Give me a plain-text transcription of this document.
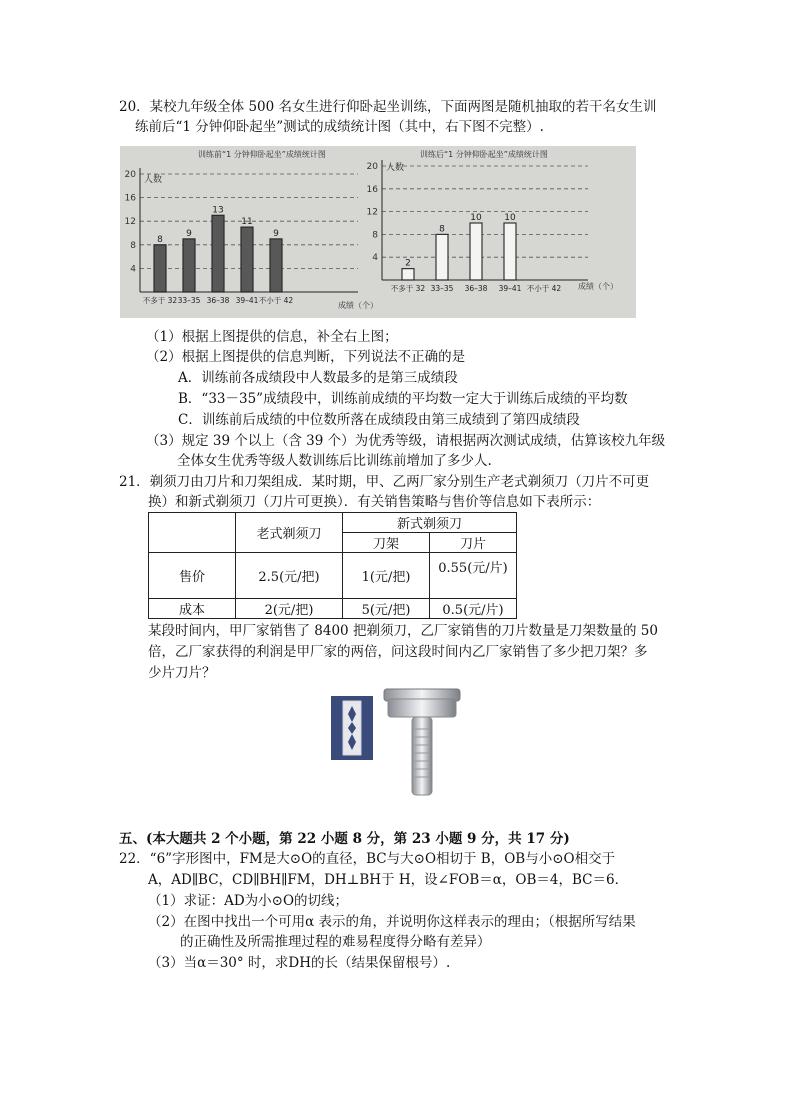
20．某校九年级全体 500 名女生进行仰卧起坐训练，下面两图是随机抽取的若干名女生训
练前后“1 分钟仰卧起坐”测试的成绩统计图（其中，右下图不完整）.
训练前“1 分钟仰卧起坐”成绩统计图
人数
4
8
12
16
20
8
9
13
11
9
不多于 32 33–35 36–38 39–41 不小于 42
成绩（个）
训练后“1 分钟仰卧起坐”成绩统计图
人数
4
8
12
16
20
2
8
10	10
不多于 32 33–35 36–38 39–41 不小于 42 成绩（个）
（1）根据上图提供的信息，补全右上图；
（2）根据上图提供的信息判断，下列说法不正确的是
A．训练前各成绩段中人数最多的是第三成绩段
B．“33－35”成绩段中，训练前成绩的平均数一定大于训练后成绩的平均数
C．训练前后成绩的中位数所落在成绩段由第三成绩到了第四成绩段
（3）规定 39 个以上（含 39 个）为优秀等级，请根据两次测试成绩，估算该校九年级
全体女生优秀等级人数训练后比训练前增加了多少人.
21．剃须刀由刀片和刀架组成．某时期，甲、乙两厂家分别生产老式剃须刀（刀片不可更
换）和新式剃须刀（刀片可更换）．有关销售策略与售价等信息如下表所示：
	老式剃须刀	新式剃须刀	
		刀架	刀片
售价	2.5(元/把)	1(元/把)	0.55(元/片)
成本	2(元/把)	5(元/把)	0.5(元/片)
某段时间内，甲厂家销售了 8400 把剃须刀，乙厂家销售的刀片数量是刀架数量的 50
倍，乙厂家获得的利润是甲厂家的两倍，问这段时间内乙厂家销售了多少把刀架？多
少片刀片？
五、(本大题共 2 个小题，第 22 小题 8 分，第 23 小题 9 分，共 17 分)
22．“6”字形图中，FM是大⊙O的直径，BC与大⊙O相切于 B，OB与小⊙O相交于
A，AD∥BC，CD∥BH∥FM，DH⊥BH于 H，设∠FOB＝α，OB＝4，BC＝6．
（1）求证：AD为小⊙O的切线；
（2）在图中找出一个可用α 表示的角，并说明你这样表示的理由；（根据所写结果
的正确性及所需推理过程的难易程度得分略有差异）
（3）当α＝30° 时，求DH的长（结果保留根号）.
